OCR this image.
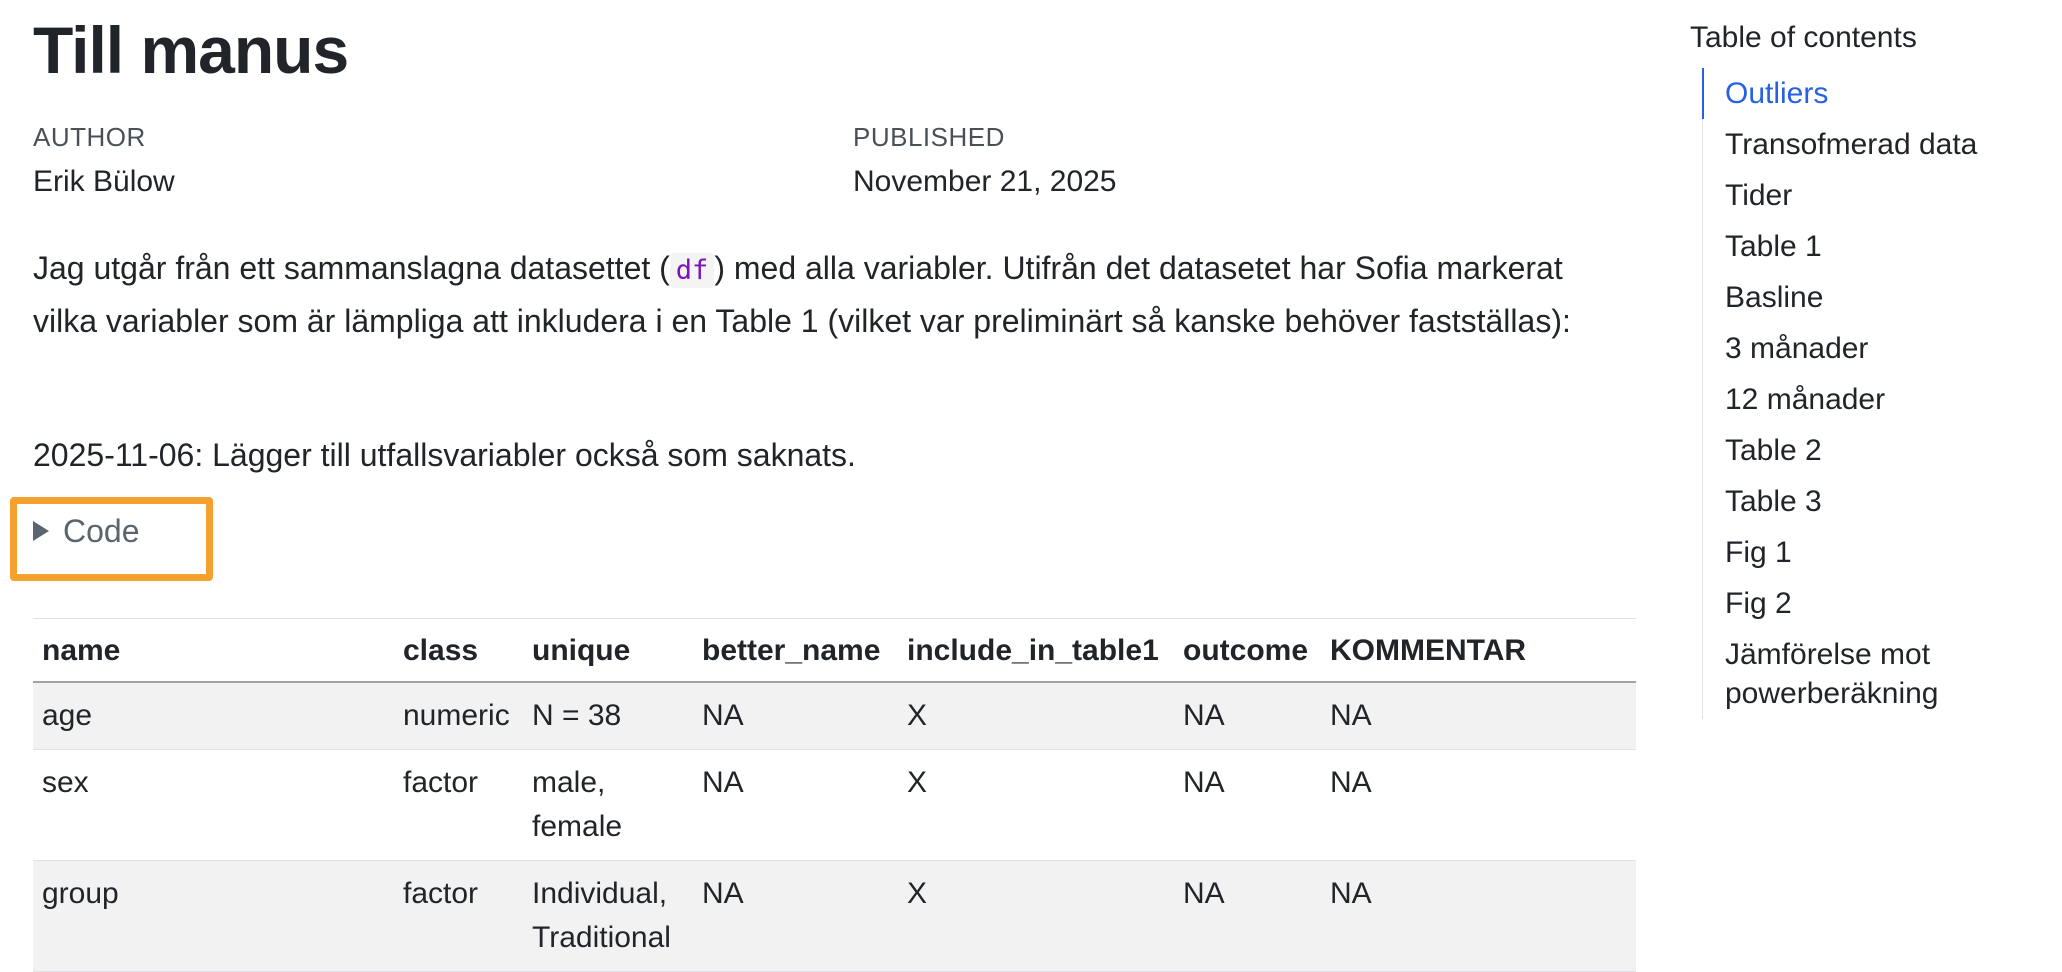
Till manus
AUTHOR
Erik Bülow
PUBLISHED
November 21, 2025

Jag utgår från ett sammanslagna datasettet ( df ) med alla variabler. Utifrån det datasetet har Sofia markerat vilka variabler som är lämpliga att inkludera i en Table 1 (vilket var preliminärt så kanske behöver fastställas):

2025-11-06: Lägger till utfallsvariabler också som saknats.

Code
name	class	unique	better_name	include_in_table1	outcome	KOMMENTAR
age	numeric	N = 38	NA	X	NA	NA
sex	factor	male, female	NA	X	NA	NA
group	factor	Individual, Traditional	NA	X	NA	NA
Table of contents
Outliers
Transofmerad data
Tider
Table 1
Basline
3 månader
12 månader
Table 2
Table 3
Fig 1
Fig 2
Jämförelse mot powerberäkning
